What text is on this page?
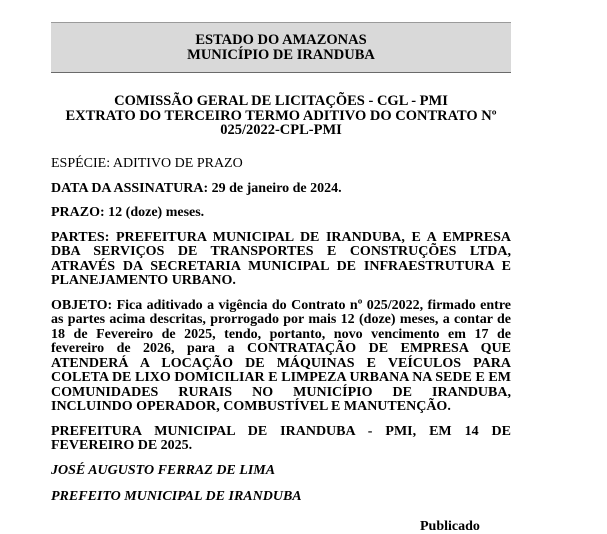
ESTADO DO AMAZONAS
MUNICÍPIO DE IRANDUBA
COMISSÃO GERAL DE LICITAÇÕES - CGL - PMI
EXTRATO DO TERCEIRO TERMO ADITIVO DO CONTRATO Nº
025/2022-CPL-PMI

ESPÉCIE: ADITIVO DE PRAZO

DATA DA ASSINATURA: 29 de janeiro de 2024.

PRAZO: 12 (doze) meses.

PARTES: PREFEITURA MUNICIPAL DE IRANDUBA, E A EMPRESA DBA SERVIÇOS DE TRANSPORTES E CONSTRUÇÕES LTDA, ATRAVÉS DA SECRETARIA MUNICIPAL DE INFRAESTRUTURA E PLANEJAMENTO URBANO.

OBJETO: Fica aditivado a vigência do Contrato nº 025/2022, firmado entre as partes acima descritas, prorrogado por mais 12 (doze) meses, a contar de 18 de Fevereiro de 2025, tendo, portanto, novo vencimento em 17 de fevereiro de 2026, para a CONTRATAÇÃO DE EMPRESA QUE ATENDERÁ A LOCAÇÃO DE MÁQUINAS E VEÍCULOS PARA COLETA DE LIXO DOMICILIAR E LIMPEZA URBANA NA SEDE E EM COMUNIDADES RURAIS NO MUNICÍPIO DE IRANDUBA, INCLUINDO OPERADOR, COMBUSTÍVEL E MANUTENÇÃO.

PREFEITURA MUNICIPAL DE IRANDUBA - PMI, EM 14 DE FEVEREIRO DE 2025.

JOSÉ AUGUSTO FERRAZ DE LIMA

PREFEITO MUNICIPAL DE IRANDUBA

Publicado
